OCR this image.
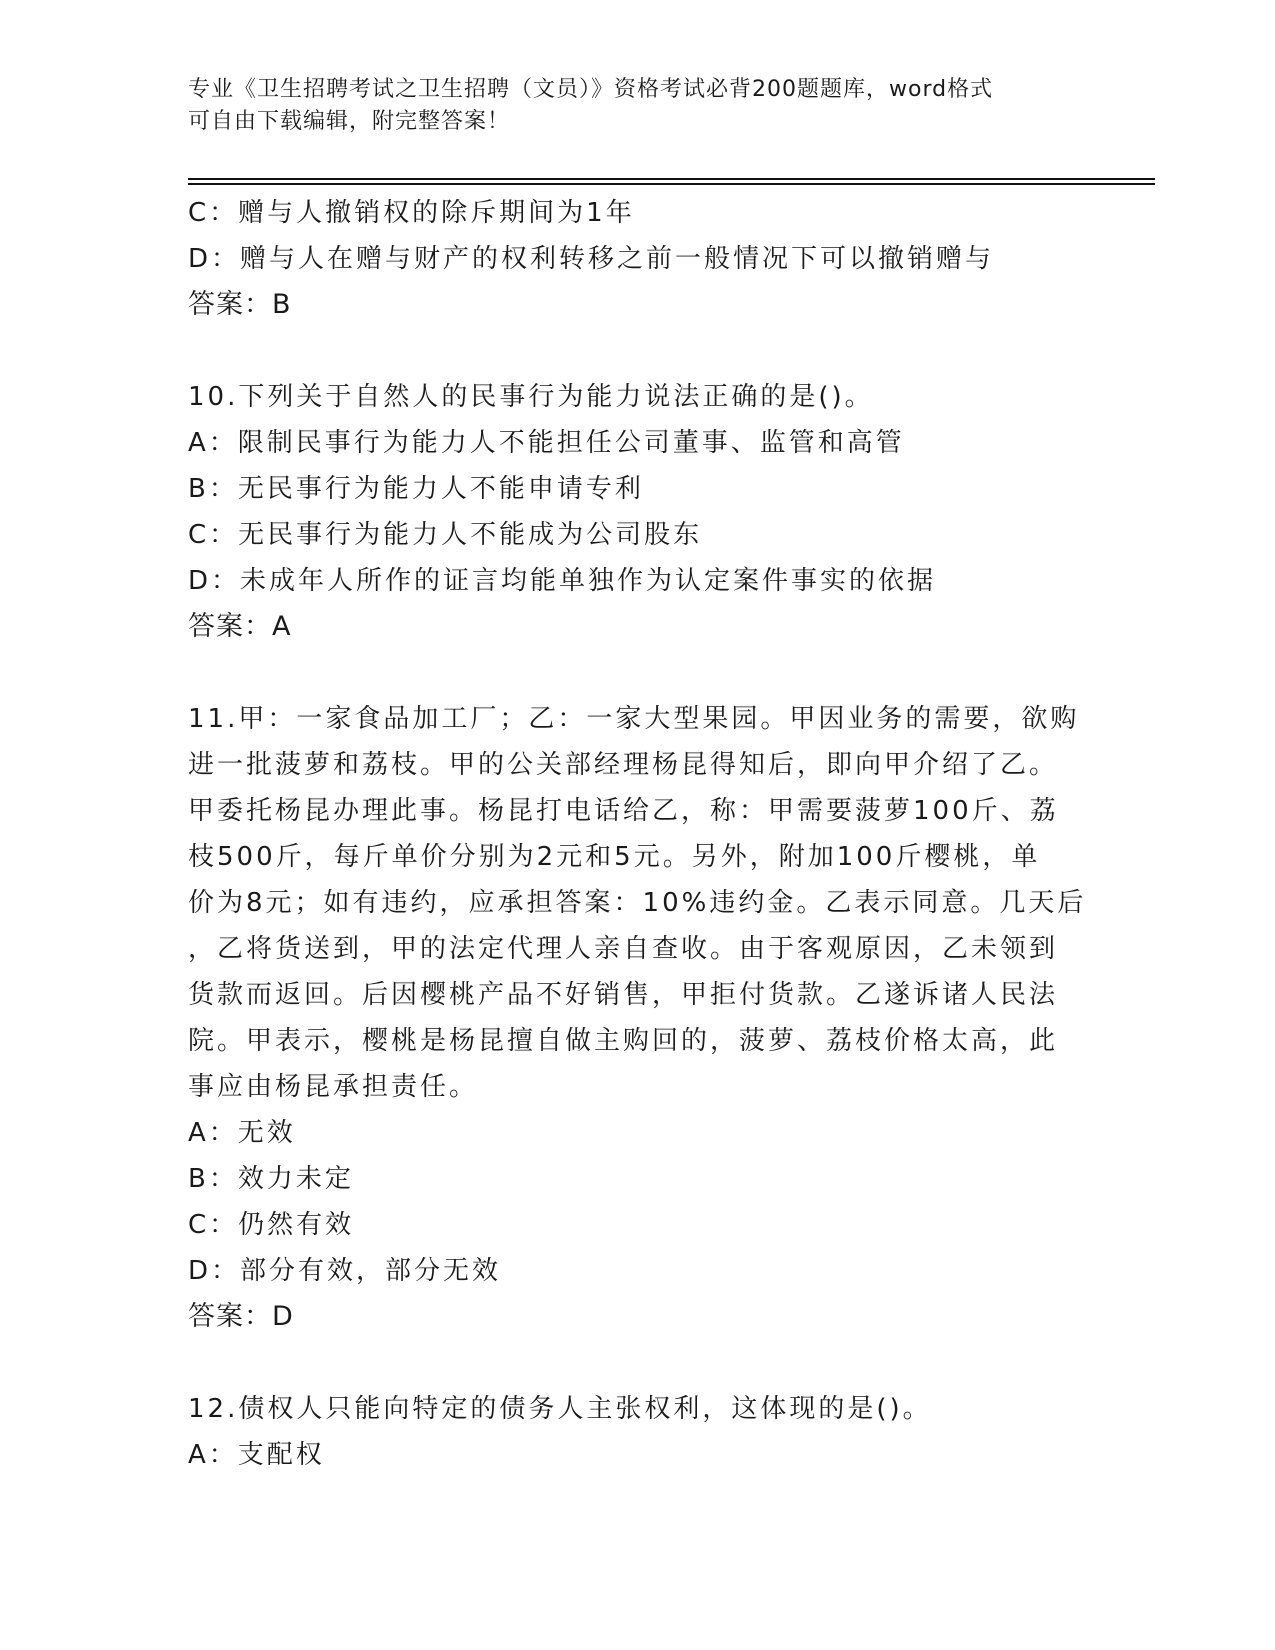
专业《卫生招聘考试之卫生招聘（文员）》资格考试必背200题题库，word格式
可自由下载编辑，附完整答案！
C：赠与人撤销权的除斥期间为1年
D：赠与人在赠与财产的权利转移之前一般情况下可以撤销赠与
答案：B
10.下列关于自然人的民事行为能力说法正确的是()。
A：限制民事行为能力人不能担任公司董事、监管和高管
B：无民事行为能力人不能申请专利
C：无民事行为能力人不能成为公司股东
D：未成年人所作的证言均能单独作为认定案件事实的依据
答案：A
11.甲：一家食品加工厂；乙：一家大型果园。甲因业务的需要，欲购
进一批菠萝和荔枝。甲的公关部经理杨昆得知后，即向甲介绍了乙。
甲委托杨昆办理此事。杨昆打电话给乙，称：甲需要菠萝100斤、荔
枝500斤，每斤单价分别为2元和5元。另外，附加100斤樱桃，单
价为8元；如有违约，应承担答案：10%违约金。乙表示同意。几天后
，乙将货送到，甲的法定代理人亲自查收。由于客观原因，乙未领到
货款而返回。后因樱桃产品不好销售，甲拒付货款。乙遂诉诸人民法
院。甲表示，樱桃是杨昆擅自做主购回的，菠萝、荔枝价格太高，此
事应由杨昆承担责任。
A：无效
B：效力未定
C：仍然有效
D：部分有效，部分无效
答案：D
12.债权人只能向特定的债务人主张权利，这体现的是()。
A：支配权
